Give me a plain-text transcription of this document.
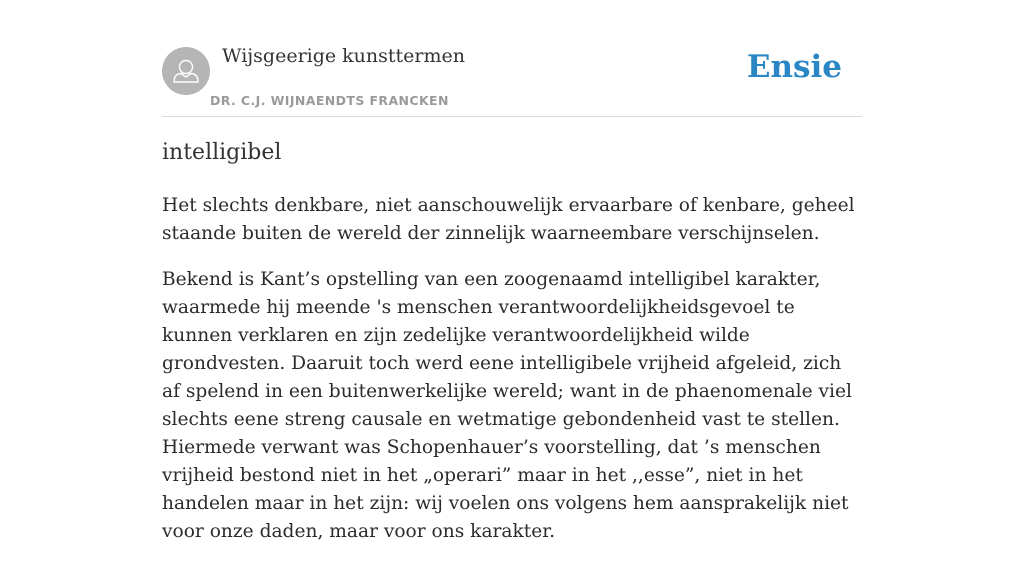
Wijsgeerige kunsttermen
DR. C.J. WIJNAENDTS FRANCKEN
Ensie
intelligibel

Het slechts denkbare, niet aanschouwelijk ervaarbare of kenbare, geheel staande buiten de wereld der zinnelijk waarneembare verschijnselen.

Bekend is Kant’s opstelling van een zoogenaamd intelligibel karakter, waarmede hij meende 's menschen verantwoordelijkheidsgevoel te kunnen verklaren en zijn zedelijke verantwoordelijkheid wilde grondvesten. Daaruit toch werd eene intelligibele vrijheid afgeleid, zich af spelend in een buitenwerkelijke wereld; want in de phaenomenale viel slechts eene streng causale en wetmatige gebondenheid vast te stellen. Hiermede verwant was Schopenhauer’s voorstelling, dat ’s menschen vrijheid bestond niet in het „operari” maar in het ,,esse”, niet in het handelen maar in het zijn: wij voelen ons volgens hem aansprakelijk niet voor onze daden, maar voor ons karakter.
